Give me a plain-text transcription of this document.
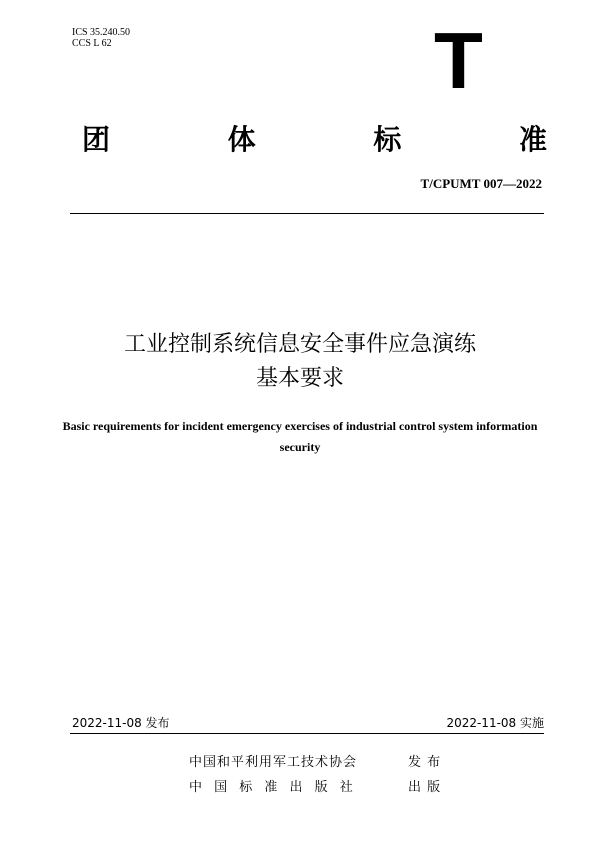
ICS 35.240.50
CCS L 62	T
团	体	标	准
T/CPUMT 007—2022
工业控制系统信息安全事件应急演练
基本要求
Basic requirements for incident emergency exercises of industrial control system information security
2022-11-08 发布	2022-11-08 实施
中国和平利用军工技术协会	发 布
中 国 标 准 出 版 社	出 版
